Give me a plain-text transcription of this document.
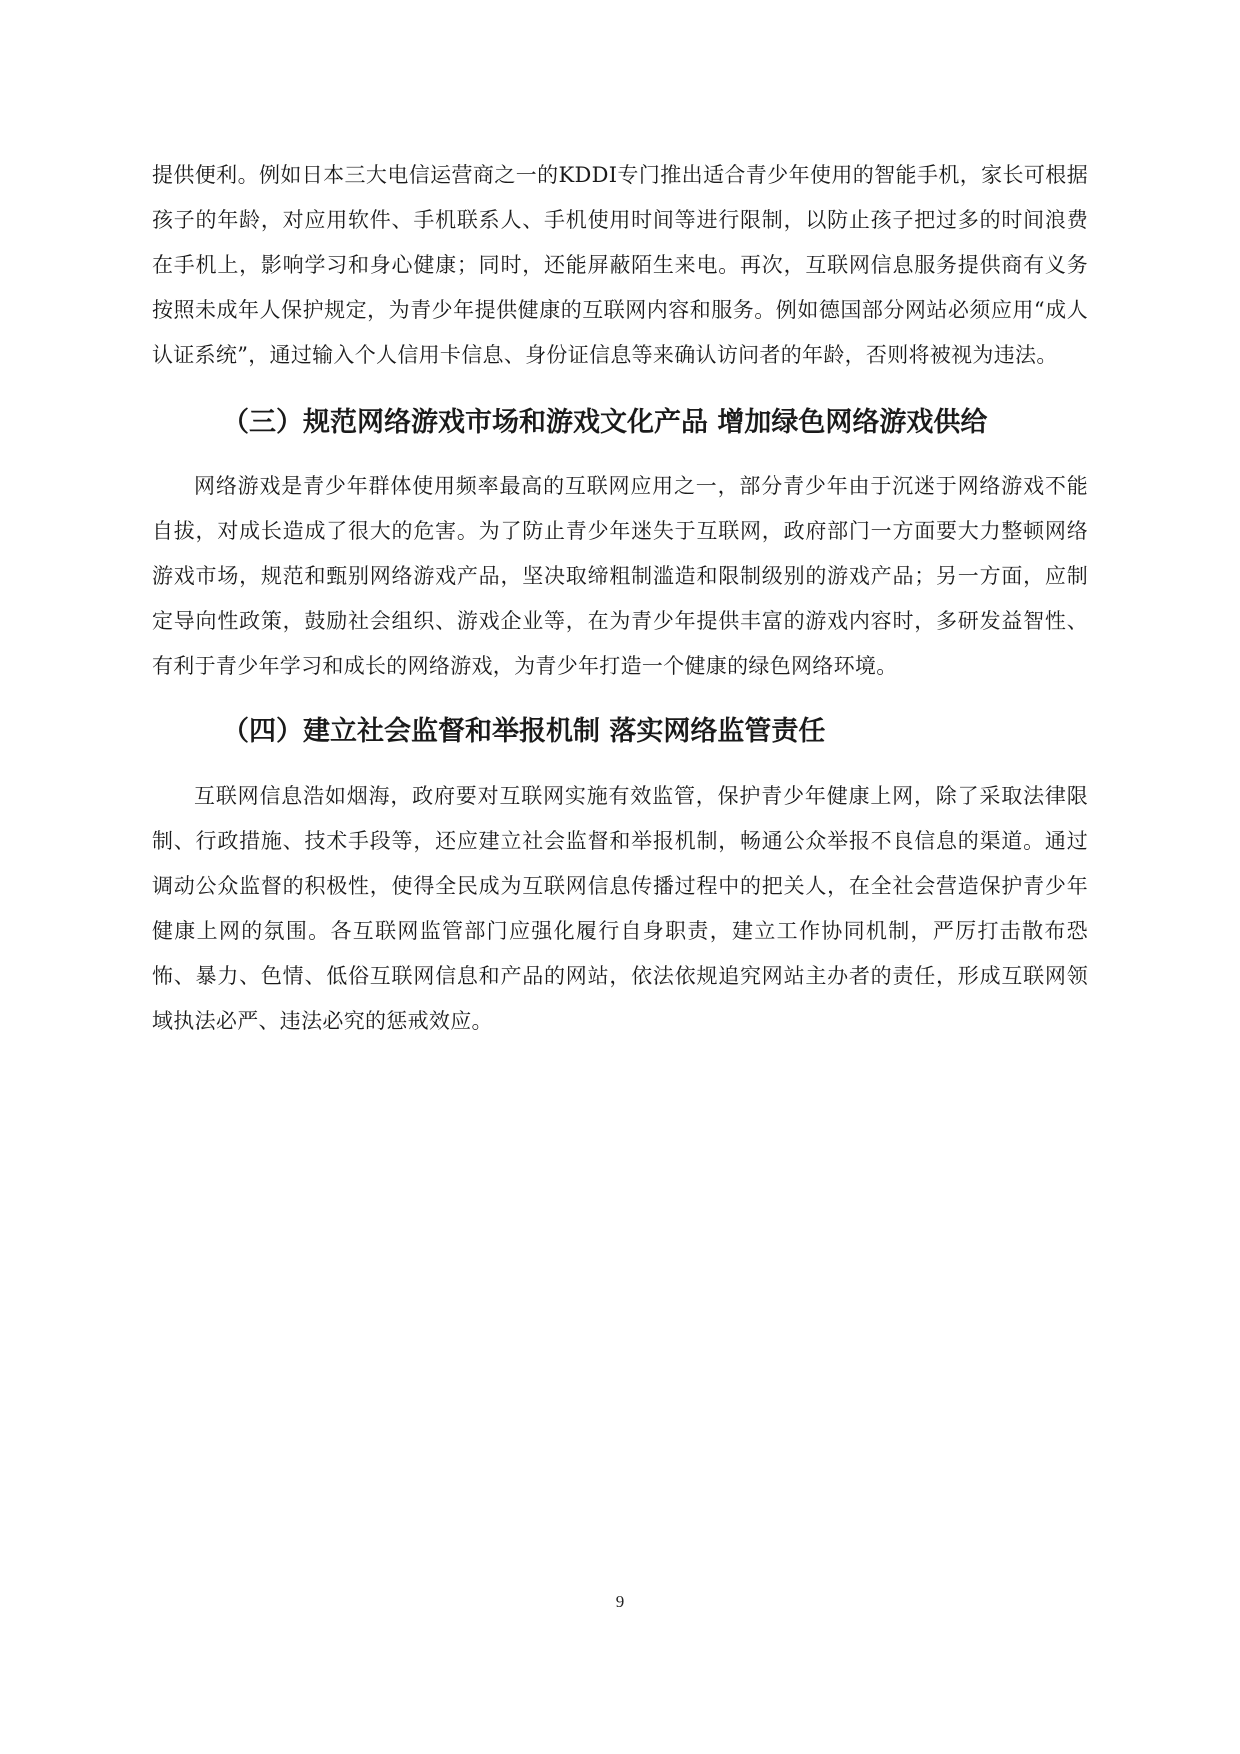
提供便利。例如日本三大电信运营商之一的KDDI专门推出适合青少年使用的智能手机，家长可根据孩子的年龄，对应用软件、手机联系人、手机使用时间等进行限制，以防止孩子把过多的时间浪费在手机上，影响学习和身心健康；同时，还能屏蔽陌生来电。再次，互联网信息服务提供商有义务按照未成年人保护规定，为青少年提供健康的互联网内容和服务。例如德国部分网站必须应用“成人认证系统”，通过输入个人信用卡信息、身份证信息等来确认访问者的年龄，否则将被视为违法。

（三）规范网络游戏市场和游戏文化产品 增加绿色网络游戏供给

网络游戏是青少年群体使用频率最高的互联网应用之一，部分青少年由于沉迷于网络游戏不能自拔，对成长造成了很大的危害。为了防止青少年迷失于互联网，政府部门一方面要大力整顿网络游戏市场，规范和甄别网络游戏产品，坚决取缔粗制滥造和限制级别的游戏产品；另一方面，应制定导向性政策，鼓励社会组织、游戏企业等，在为青少年提供丰富的游戏内容时，多研发益智性、有利于青少年学习和成长的网络游戏，为青少年打造一个健康的绿色网络环境。

（四）建立社会监督和举报机制 落实网络监管责任

互联网信息浩如烟海，政府要对互联网实施有效监管，保护青少年健康上网，除了采取法律限制、行政措施、技术手段等，还应建立社会监督和举报机制，畅通公众举报不良信息的渠道。通过调动公众监督的积极性，使得全民成为互联网信息传播过程中的把关人，在全社会营造保护青少年健康上网的氛围。各互联网监管部门应强化履行自身职责，建立工作协同机制，严厉打击散布恐怖、暴力、色情、低俗互联网信息和产品的网站，依法依规追究网站主办者的责任，形成互联网领域执法必严、违法必究的惩戒效应。

9
